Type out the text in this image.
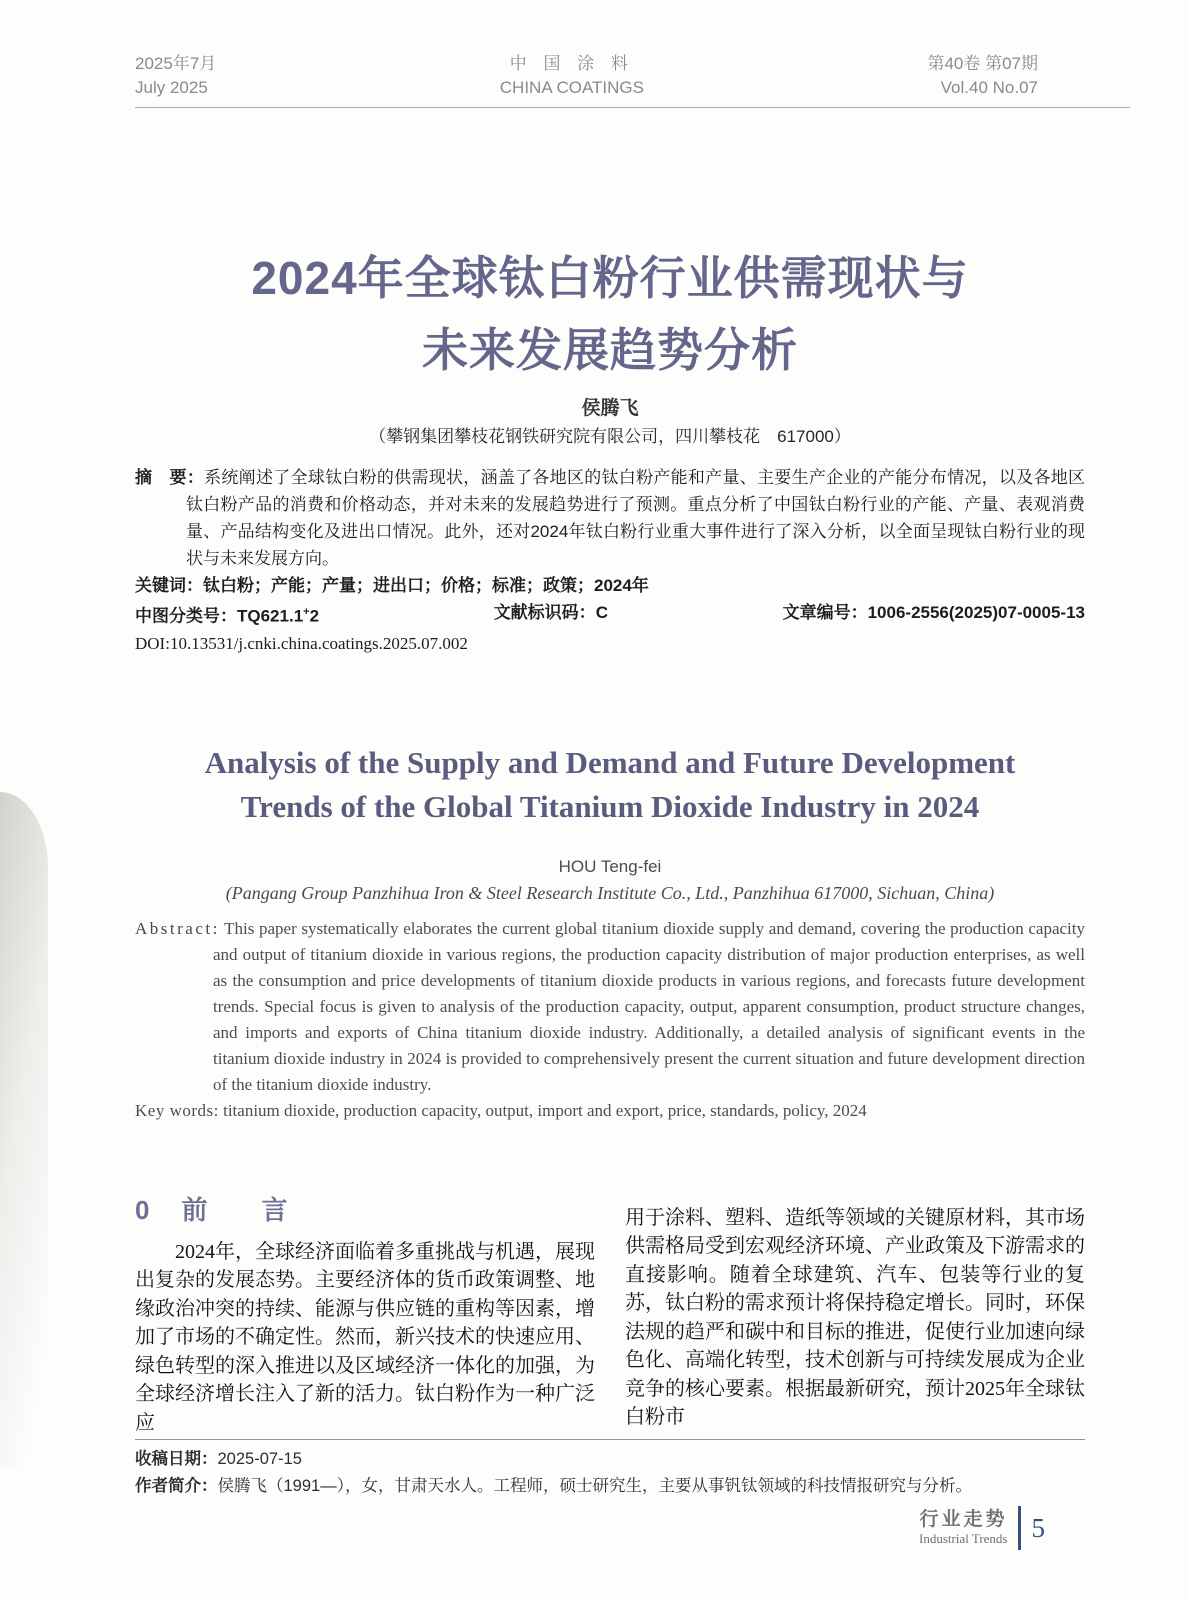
2025年7月
July 2025
中 国 涂 料
CHINA COATINGS
第40卷 第07期
Vol.40 No.07
2024年全球钛白粉行业供需现状与
未来发展趋势分析
侯腾飞
（攀钢集团攀枝花钢铁研究院有限公司，四川攀枝花　617000）
摘　要：系统阐述了全球钛白粉的供需现状，涵盖了各地区的钛白粉产能和产量、主要生产企业的产能分布情况，以及各地区钛白粉产品的消费和价格动态，并对未来的发展趋势进行了预测。重点分析了中国钛白粉行业的产能、产量、表观消费量、产品结构变化及进出口情况。此外，还对2024年钛白粉行业重大事件进行了深入分析，以全面呈现钛白粉行业的现状与未来发展方向。
关键词：钛白粉；产能；产量；进出口；价格；标准；政策；2024年
中图分类号：TQ621.1+2	文献标识码：C	文章编号：1006-2556(2025)07-0005-13
DOI:10.13531/j.cnki.china.coatings.2025.07.002
Analysis of the Supply and Demand and Future Development
Trends of the Global Titanium Dioxide Industry in 2024
HOU Teng-fei
(Pangang Group Panzhihua Iron & Steel Research Institute Co., Ltd., Panzhihua 617000, Sichuan, China)
Abstract: This paper systematically elaborates the current global titanium dioxide supply and demand, covering the production capacity and output of titanium dioxide in various regions, the production capacity distribution of major production enterprises, as well as the consumption and price developments of titanium dioxide products in various regions, and forecasts future development trends. Special focus is given to analysis of the production capacity, output, apparent consumption, product structure changes, and imports and exports of China titanium dioxide industry. Additionally, a detailed analysis of significant events in the titanium dioxide industry in 2024 is provided to comprehensively present the current situation and future development direction of the titanium dioxide industry.
Key words: titanium dioxide, production capacity, output, import and export, price, standards, policy, 2024
0 前　言

2024年，全球经济面临着多重挑战与机遇，展现出复杂的发展态势。主要经济体的货币政策调整、地缘政治冲突的持续、能源与供应链的重构等因素，增加了市场的不确定性。然而，新兴技术的快速应用、绿色转型的深入推进以及区域经济一体化的加强，为全球经济增长注入了新的活力。钛白粉作为一种广泛应

用于涂料、塑料、造纸等领域的关键原材料，其市场供需格局受到宏观经济环境、产业政策及下游需求的直接影响。随着全球建筑、汽车、包装等行业的复苏，钛白粉的需求预计将保持稳定增长。同时，环保法规的趋严和碳中和目标的推进，促使行业加速向绿色化、高端化转型，技术创新与可持续发展成为企业竞争的核心要素。根据最新研究，预计2025年全球钛白粉市

收稿日期：2025-07-15
作者简介：侯腾飞（1991—），女，甘肃天水人。工程师，硕士研究生，主要从事钒钛领域的科技情报研究与分析。
行业走势
Industrial Trends 5
